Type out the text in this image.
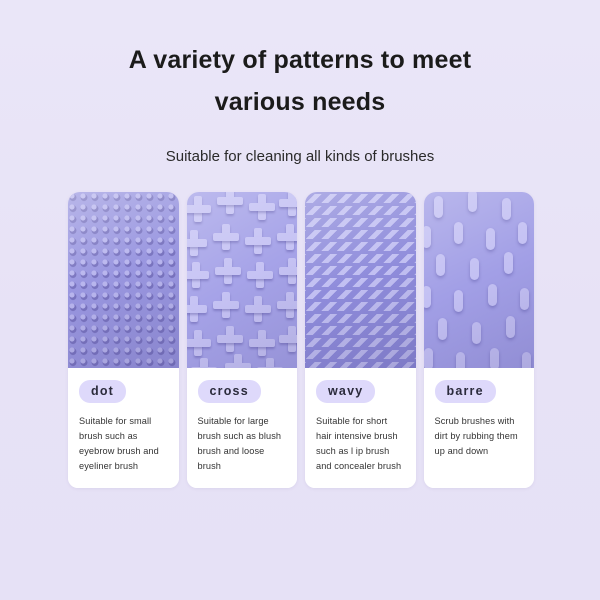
A variety of patterns to meet
various needs
Suitable for cleaning all kinds of brushes
dot
Suitable for small brush such as eyebrow brush and eyeliner brush
cross
Suitable for large brush such as blush brush and loose brush
wavy
Suitable for short hair intensive brush such as l ip brush and concealer brush
barre
Scrub brushes with dirt by rubbing them up and down
